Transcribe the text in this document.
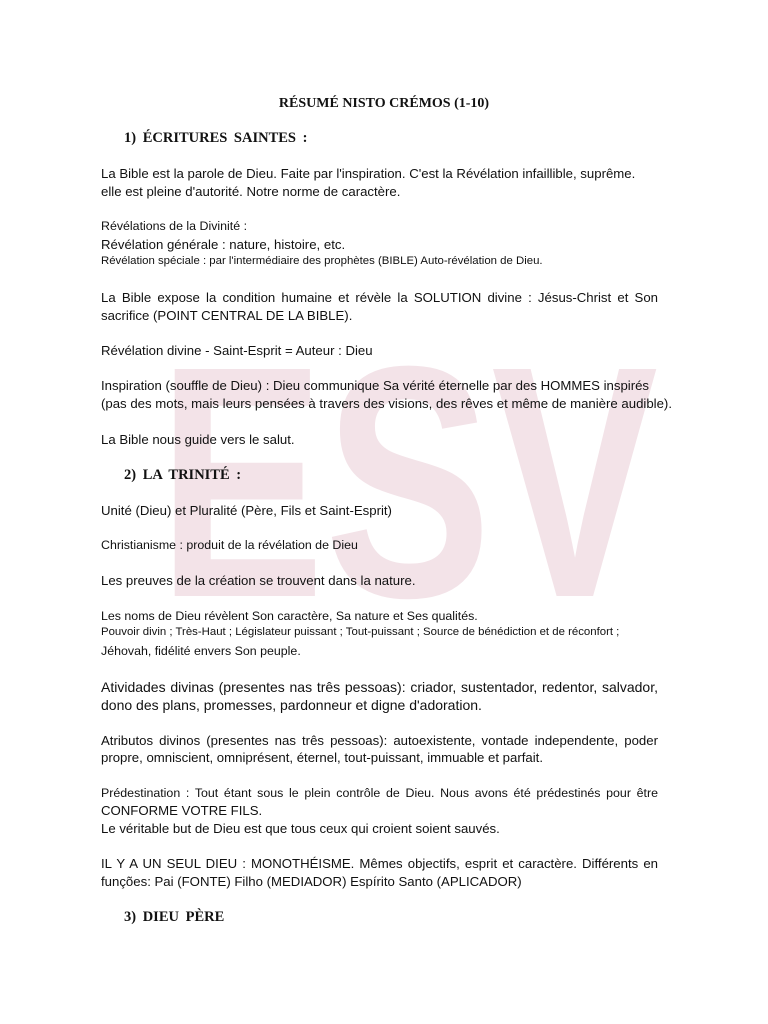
ESV

RÉSUMÉ NISTO CRÉMOS (1-10)

1) ÉCRITURES SAINTES :

La Bible est la parole de Dieu. Faite par l'inspiration. C'est la Révélation infaillible, suprême.

elle est pleine d'autorité. Notre norme de caractère.

Révélations de la Divinité :

Révélation générale : nature, histoire, etc.

Révélation spéciale : par l'intermédiaire des prophètes (BIBLE) Auto-révélation de Dieu.

La Bible expose la condition humaine et révèle la SOLUTION divine : Jésus-Christ et Son

sacrifice (POINT CENTRAL DE LA BIBLE).

Révélation divine - Saint-Esprit = Auteur : Dieu

Inspiration (souffle de Dieu) : Dieu communique Sa vérité éternelle par des HOMMES inspirés

(pas des mots, mais leurs pensées à travers des visions, des rêves et même de manière audible).

La Bible nous guide vers le salut.

2) LA TRINITÉ :

Unité (Dieu) et Pluralité (Père, Fils et Saint-Esprit)

Christianisme : produit de la révélation de Dieu

Les preuves de la création se trouvent dans la nature.

Les noms de Dieu révèlent Son caractère, Sa nature et Ses qualités.

Pouvoir divin ; Très-Haut ; Législateur puissant ; Tout-puissant ; Source de bénédiction et de réconfort ;

Jéhovah, fidélité envers Son peuple.

Atividades divinas (presentes nas três pessoas): criador, sustentador, redentor, salvador,

dono des plans, promesses, pardonneur et digne d'adoration.

Atributos divinos (presentes nas três pessoas): autoexistente, vontade independente, poder

propre, omniscient, omniprésent, éternel, tout-puissant, immuable et parfait.

Prédestination : Tout étant sous le plein contrôle de Dieu. Nous avons été prédestinés pour être

CONFORME VOTRE FILS.

Le véritable but de Dieu est que tous ceux qui croient soient sauvés.

IL Y A UN SEUL DIEU : MONOTHÉISME. Mêmes objectifs, esprit et caractère. Différents en

funções: Pai (FONTE) Filho (MEDIADOR) Espírito Santo (APLICADOR)

3) DIEU PÈRE
